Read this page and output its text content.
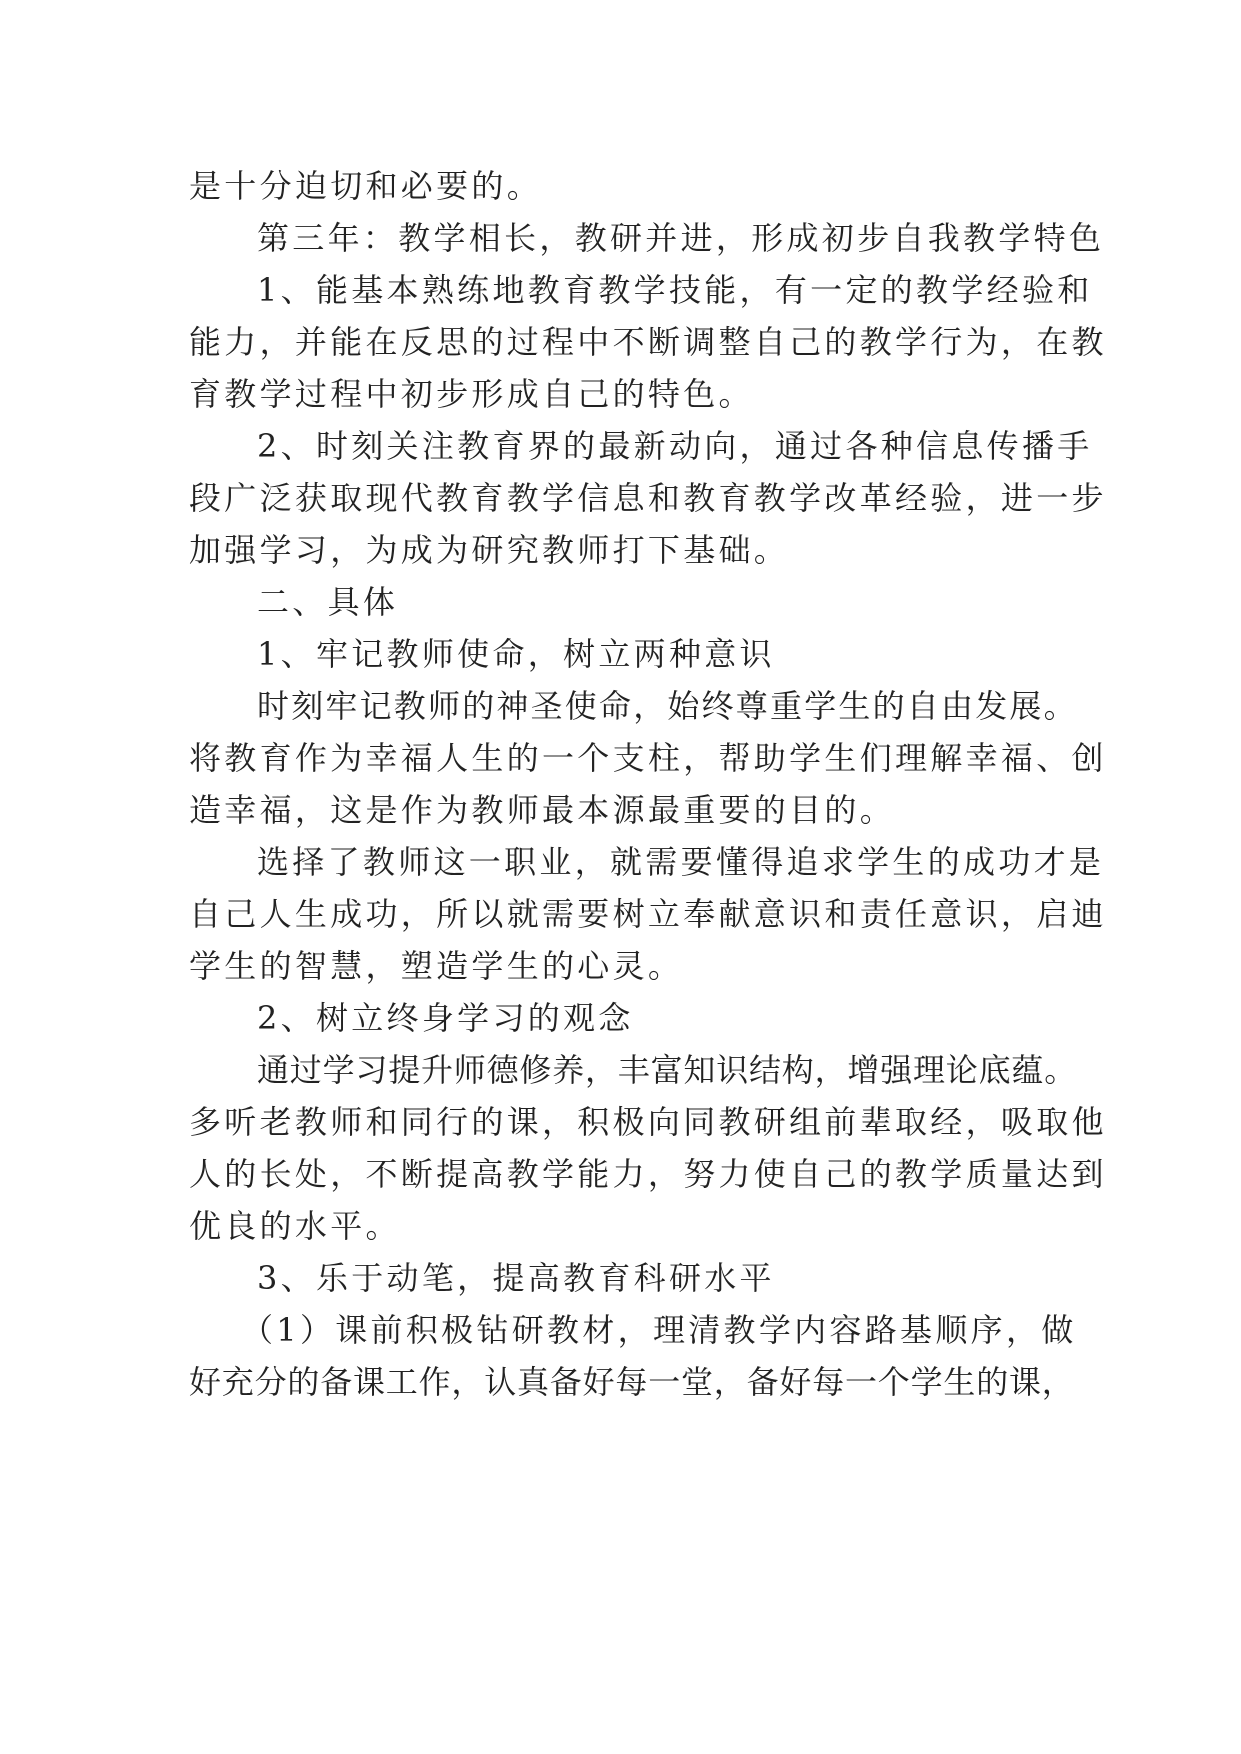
是十分迫切和必要的。
第三年：教学相长，教研并进，形成初步自我教学特色
1、能基本熟练地教育教学技能，有一定的教学经验和
能力，并能在反思的过程中不断调整自己的教学行为，在教
育教学过程中初步形成自己的特色。
2、时刻关注教育界的最新动向，通过各种信息传播手
段广泛获取现代教育教学信息和教育教学改革经验，进一步
加强学习，为成为研究教师打下基础。
二、具体
1、牢记教师使命，树立两种意识
时刻牢记教师的神圣使命，始终尊重学生的自由发展。
将教育作为幸福人生的一个支柱，帮助学生们理解幸福、创
造幸福，这是作为教师最本源最重要的目的。
选择了教师这一职业，就需要懂得追求学生的成功才是
自己人生成功，所以就需要树立奉献意识和责任意识，启迪
学生的智慧，塑造学生的心灵。
2、树立终身学习的观念
通过学习提升师德修养，丰富知识结构，增强理论底蕴。
多听老教师和同行的课，积极向同教研组前辈取经，吸取他
人的长处，不断提高教学能力，努力使自己的教学质量达到
优良的水平。
3、乐于动笔，提高教育科研水平
（1）课前积极钻研教材，理清教学内容路基顺序，做
好充分的备课工作，认真备好每一堂，备好每一个学生的课，
